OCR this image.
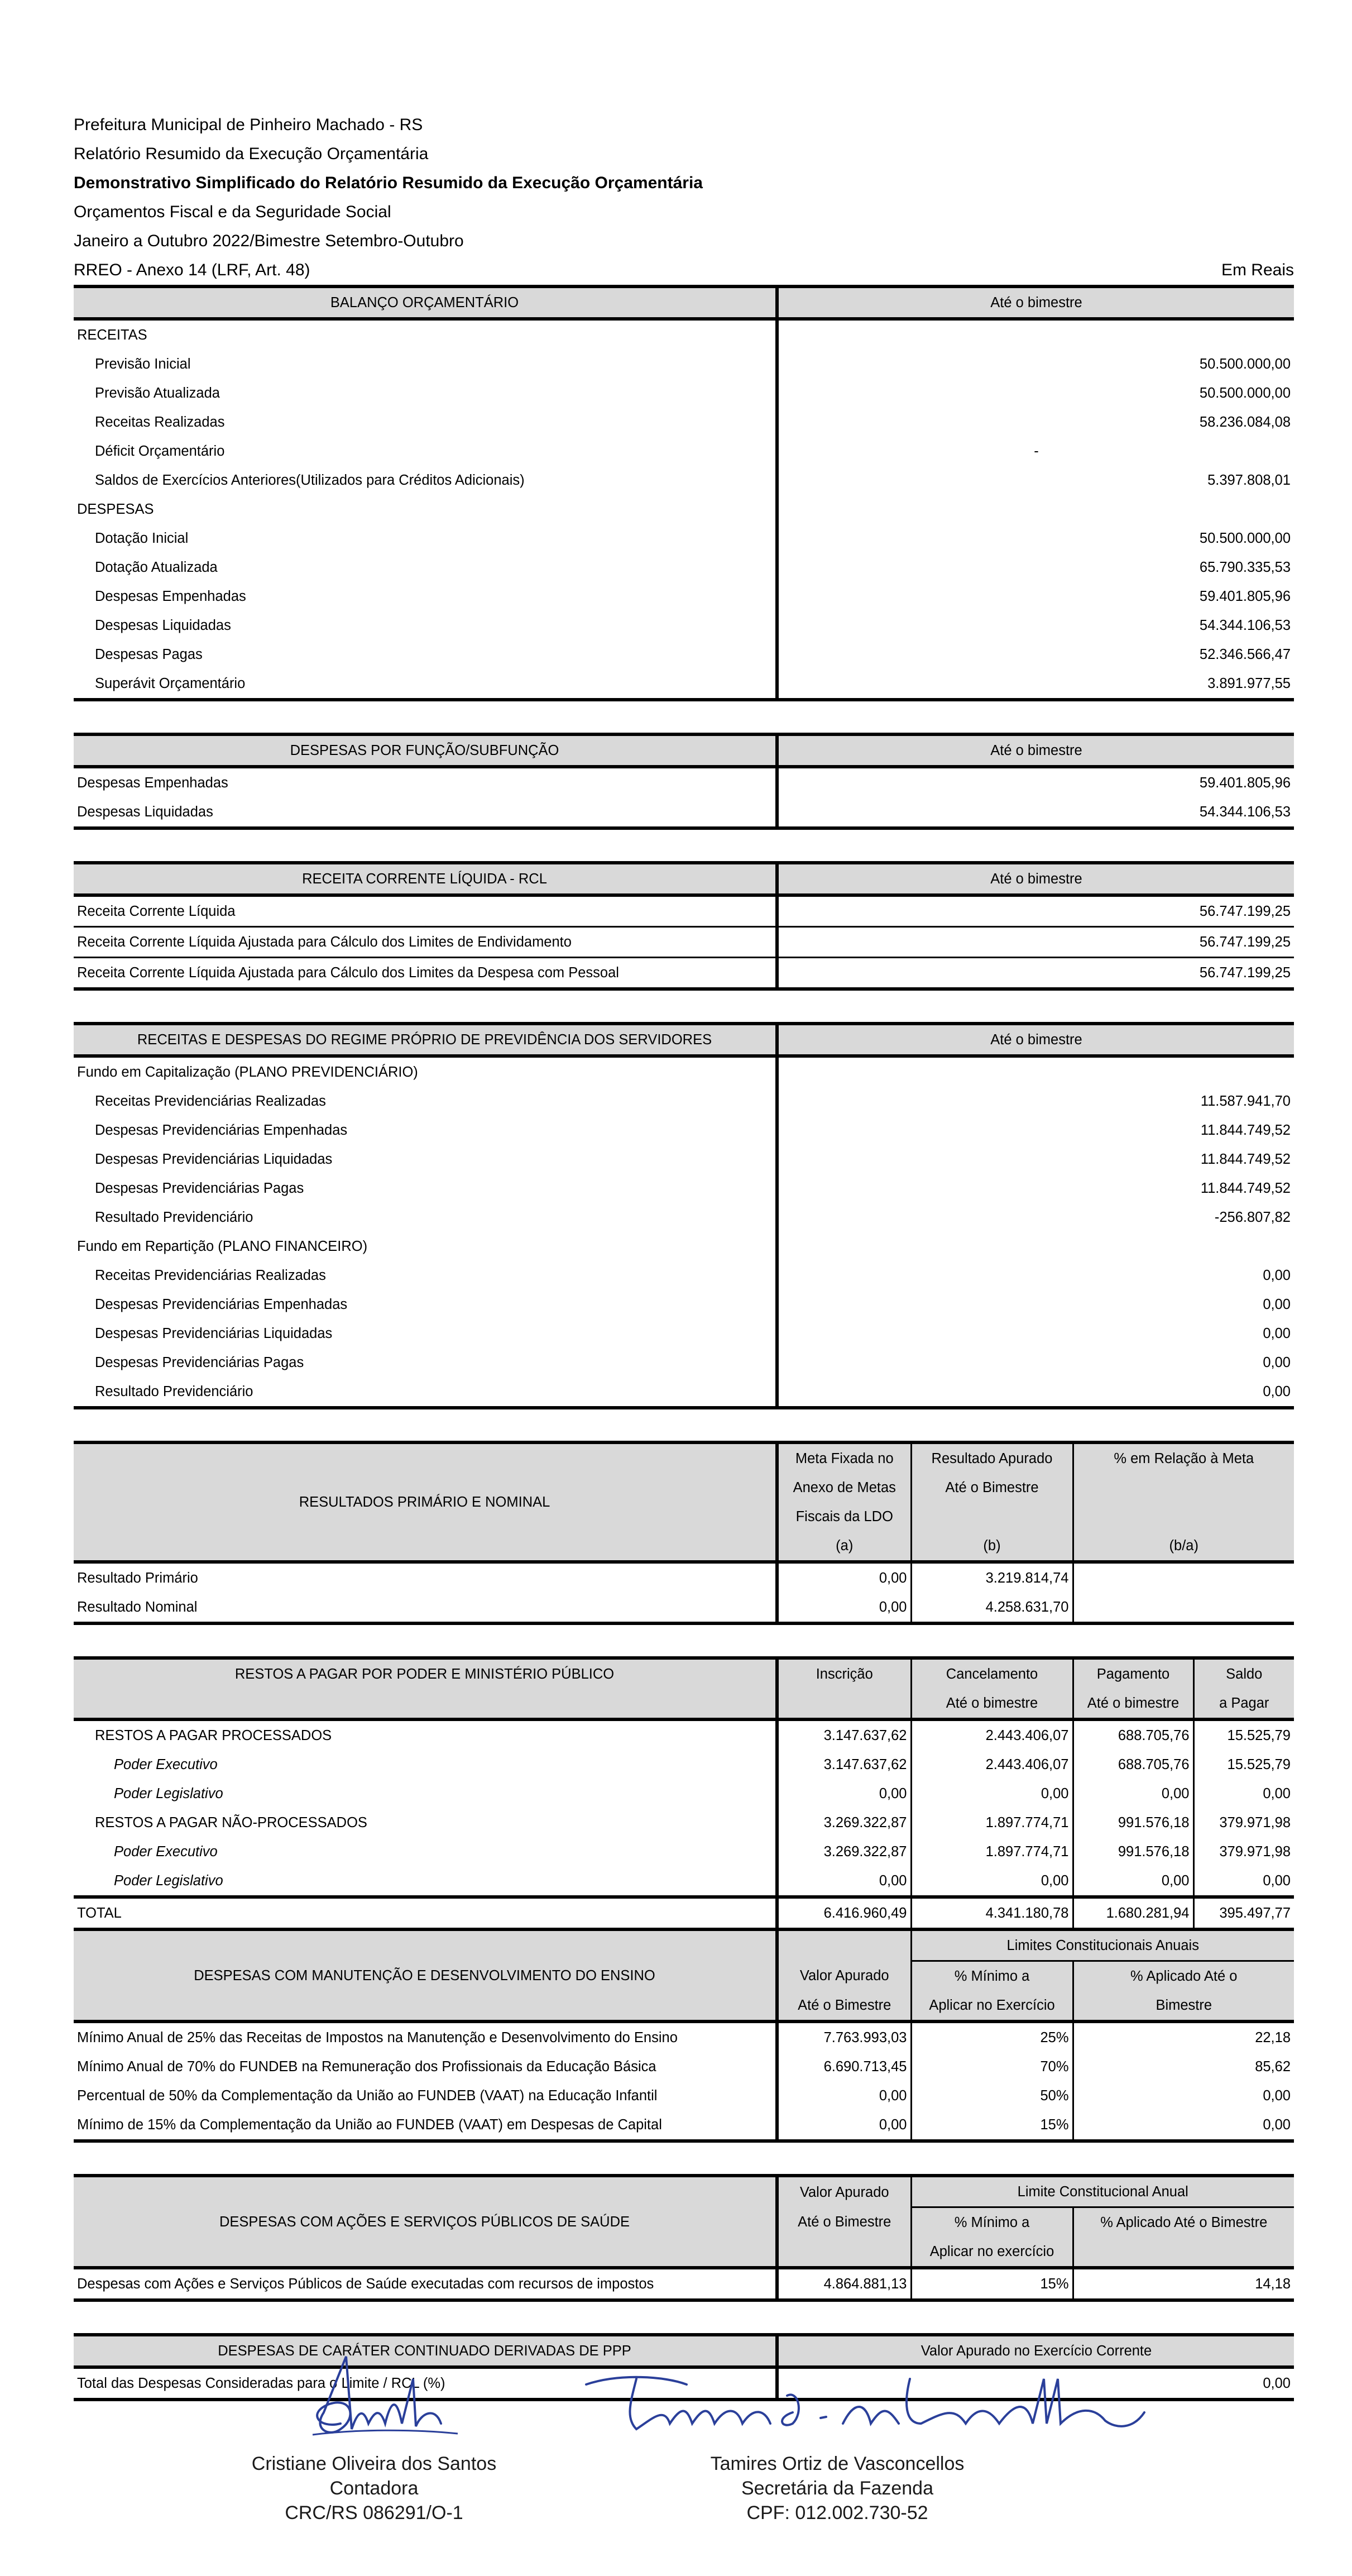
Prefeitura Municipal de Pinheiro Machado - RS
Relatório Resumido da Execução Orçamentária
Demonstrativo Simplificado do Relatório Resumido da Execução Orçamentária
Orçamentos Fiscal e da Seguridade Social
Janeiro a Outubro 2022/Bimestre Setembro-Outubro
RREO - Anexo 14 (LRF, Art. 48)	Em Reais
BALANÇO ORÇAMENTÁRIO	Até o bimestre
RECEITAS	
Previsão Inicial	50.500.000,00
Previsão Atualizada	50.500.000,00
Receitas Realizadas	58.236.084,08
Déficit Orçamentário	-
Saldos de Exercícios Anteriores(Utilizados para Créditos Adicionais)	5.397.808,01
DESPESAS	
Dotação Inicial	50.500.000,00
Dotação Atualizada	65.790.335,53
Despesas Empenhadas	59.401.805,96
Despesas Liquidadas	54.344.106,53
Despesas Pagas	52.346.566,47
Superávit Orçamentário	3.891.977,55
DESPESAS POR FUNÇÃO/SUBFUNÇÃO	Até o bimestre
Despesas Empenhadas	59.401.805,96
Despesas Liquidadas	54.344.106,53
RECEITA CORRENTE LÍQUIDA - RCL	Até o bimestre
Receita Corrente Líquida	56.747.199,25
Receita Corrente Líquida Ajustada para Cálculo dos Limites de Endividamento	56.747.199,25
Receita Corrente Líquida Ajustada para Cálculo dos Limites da Despesa com Pessoal	56.747.199,25
RECEITAS E DESPESAS DO REGIME PRÓPRIO DE PREVIDÊNCIA DOS SERVIDORES	Até o bimestre
Fundo em Capitalização (PLANO PREVIDENCIÁRIO)	
Receitas Previdenciárias Realizadas	11.587.941,70
Despesas Previdenciárias Empenhadas	11.844.749,52
Despesas Previdenciárias Liquidadas	11.844.749,52
Despesas Previdenciárias Pagas	11.844.749,52
Resultado Previdenciário	-256.807,82
Fundo em Repartição (PLANO FINANCEIRO)	
Receitas Previdenciárias Realizadas	0,00
Despesas Previdenciárias Empenhadas	0,00
Despesas Previdenciárias Liquidadas	0,00
Despesas Previdenciárias Pagas	0,00
Resultado Previdenciário	0,00
RESULTADOS PRIMÁRIO E NOMINAL	Meta Fixada no	Resultado Apurado	% em Relação à Meta
	Anexo de Metas	Até o Bimestre	
	Fiscais da LDO		
	(a)	(b)	(b/a)
Resultado Primário	0,00	3.219.814,74	
Resultado Nominal	0,00	4.258.631,70	
RESTOS A PAGAR POR PODER E MINISTÉRIO PÚBLICO	Inscrição	Cancelamento	Pagamento	Saldo
		Até o bimestre	Até o bimestre	a Pagar
RESTOS A PAGAR PROCESSADOS	3.147.637,62	2.443.406,07	688.705,76	15.525,79
Poder Executivo	3.147.637,62	2.443.406,07	688.705,76	15.525,79
Poder Legislativo	0,00	0,00	0,00	0,00
RESTOS A PAGAR NÃO-PROCESSADOS	3.269.322,87	1.897.774,71	991.576,18	379.971,98
Poder Executivo	3.269.322,87	1.897.774,71	991.576,18	379.971,98
Poder Legislativo	0,00	0,00	0,00	0,00
TOTAL	6.416.960,49	4.341.180,78	1.680.281,94	395.497,77
DESPESAS COM MANUTENÇÃO E DESENVOLVIMENTO DO ENSINO		Limites Constitucionais Anuais	
	Valor Apurado	% Mínimo a	% Aplicado Até o
	Até o Bimestre	Aplicar no Exercício	Bimestre
Mínimo Anual de 25% das Receitas de Impostos na Manutenção e Desenvolvimento do Ensino	7.763.993,03	25%	22,18
Mínimo Anual de 70% do FUNDEB na Remuneração dos Profissionais da Educação Básica	6.690.713,45	70%	85,62
Percentual de 50% da Complementação da União ao FUNDEB (VAAT) na Educação Infantil	0,00	50%	0,00
Mínimo de 15% da Complementação da União ao FUNDEB (VAAT) em Despesas de Capital	0,00	15%	0,00
DESPESAS COM AÇÕES E SERVIÇOS PÚBLICOS DE SAÚDE	Valor Apurado	Limite Constitucional Anual	
	Até o Bimestre	% Mínimo a	% Aplicado Até o Bimestre
		Aplicar no exercício	
Despesas com Ações e Serviços Públicos de Saúde executadas com recursos de impostos	4.864.881,13	15%	14,18
DESPESAS DE CARÁTER CONTINUADO DERIVADAS DE PPP	Valor Apurado no Exercício Corrente
Total das Despesas Consideradas para o Limite / RCL (%)	0,00
Cristiane Oliveira dos Santos
Contadora
CRC/RS 086291/O-1
Tamires Ortiz de Vasconcellos
Secretária da Fazenda
CPF: 012.002.730-52
